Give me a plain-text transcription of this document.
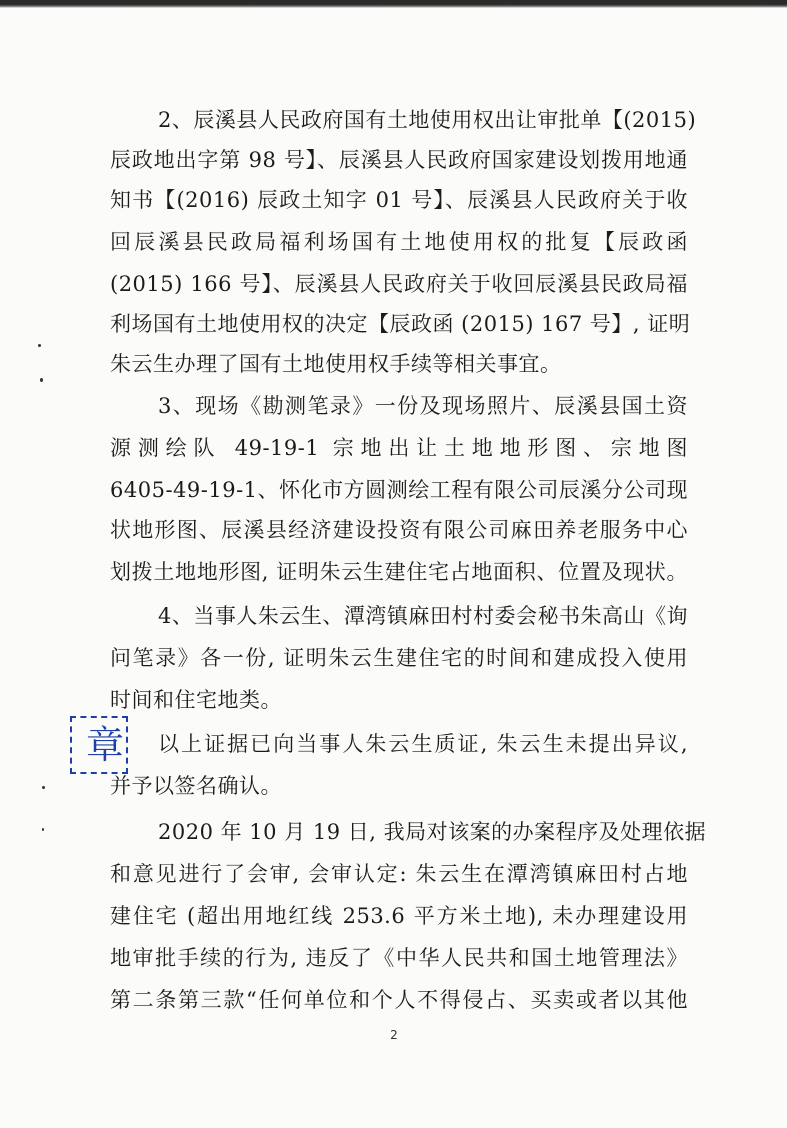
2、辰溪县人民政府国有土地使用权出让审批单【(2015)
辰政地出字第 98 号】、辰溪县人民政府国家建设划拨用地通
知书【(2016) 辰政土知字 01 号】、辰溪县人民政府关于收
回辰溪县民政局福利场国有土地使用权的批复【辰政函
(2015) 166 号】、辰溪县人民政府关于收回辰溪县民政局福
利场国有土地使用权的决定【辰政函 (2015) 167 号】, 证明
朱云生办理了国有土地使用权手续等相关事宜。
3、现场《勘测笔录》一份及现场照片、辰溪县国土资
源测绘队 49-19-1 宗地出让土地地形图、宗地图
6405-49-19-1、怀化市方圆测绘工程有限公司辰溪分公司现
状地形图、辰溪县经济建设投资有限公司麻田养老服务中心
划拨土地地形图, 证明朱云生建住宅占地面积、位置及现状。
4、当事人朱云生、潭湾镇麻田村村委会秘书朱高山《询
问笔录》各一份, 证明朱云生建住宅的时间和建成投入使用
时间和住宅地类。
以上证据已向当事人朱云生质证, 朱云生未提出异议,
并予以签名确认。
2020 年 10 月 19 日, 我局对该案的办案程序及处理依据
和意见进行了会审, 会审认定: 朱云生在潭湾镇麻田村占地
建住宅 (超出用地红线 253.6 平方米土地), 未办理建设用
地审批手续的行为, 违反了《中华人民共和国土地管理法》
第二条第三款“任何单位和个人不得侵占、买卖或者以其他
章
2
